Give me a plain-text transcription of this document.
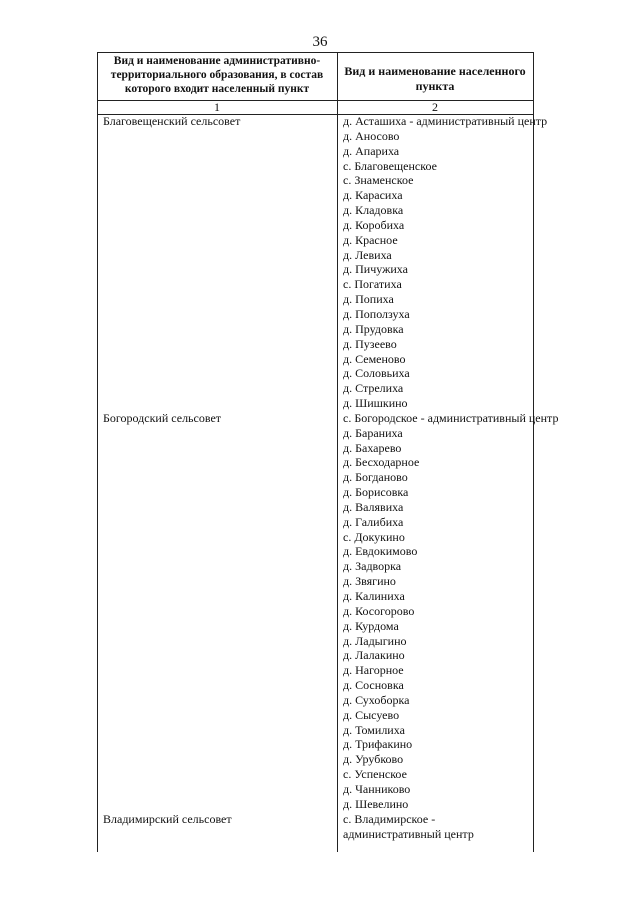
36
Вид и наименование административно-территориального образования, в состав которого входит населенный пункт
Вид и наименование населенного пункта
1	2
Благовещенский сельсовет	д. Асташиха - административный центр
д. Аносово
д. Апариха
с. Благовещенское
с. Знаменское
д. Карасиха
д. Кладовка
д. Коробиха
д. Красное
д. Левиха
д. Пичужиха
с. Погатиха
д. Попиха
д. Поползуха
д. Прудовка
д. Пузеево
д. Семеново
д. Соловьиха
д. Стрелиха
д. Шишкино
Богородский сельсовет	с. Богородское - административный центр
д. Бараниха
д. Бахарево
д. Бесходарное
д. Богданово
д. Борисовка
д. Валявиха
д. Галибиха
с. Докукино
д. Евдокимово
д. Задворка
д. Звягино
д. Калиниха
д. Косогорово
д. Курдома
д. Ладыгино
д. Лалакино
д. Нагорное
д. Сосновка
д. Сухоборка
д. Сысуево
д. Томилиха
д. Трифакино
д. Урубково
с. Успенское
д. Чанниково
д. Шевелино
Владимирский сельсовет	с. Владимирское - административный центр
